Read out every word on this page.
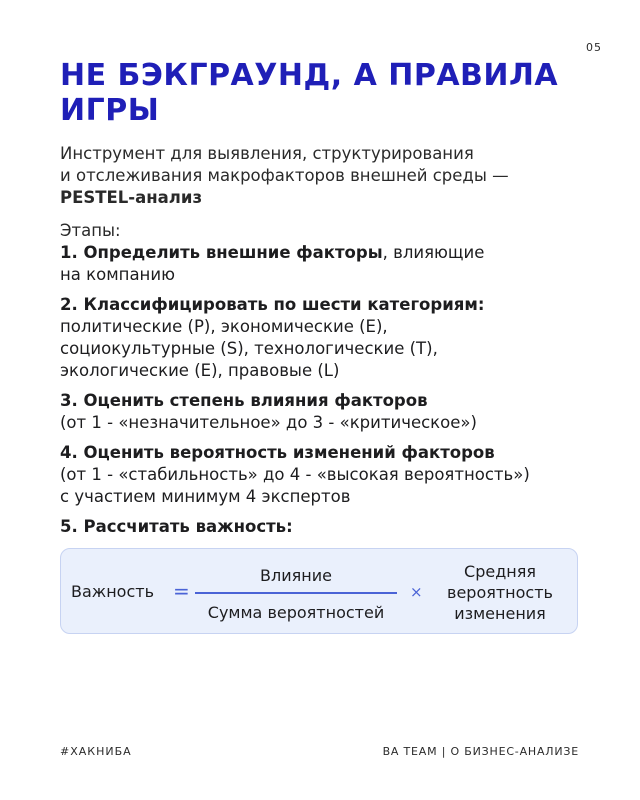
05
НЕ БЭКГРАУНД, А ПРАВИЛА ИГРЫ
Инструмент для выявления, структурирования
и отслеживания макрофакторов внешней среды —
PESTEL-анализ
Этапы:
1. Определить внешние факторы, влияющие
на компанию
2. Классифицировать по шести категориям:
политические (P), экономические (E),
социокультурные (S), технологические (T),
экологические (E), правовые (L)
3. Оценить степень влияния факторов
(от 1 - «незначительное» до 3 - «критическое»)
4. Оценить вероятность изменений факторов
(от 1 - «стабильность» до 4 - «высокая вероятность»)
с участием минимум 4 экспертов
5. Рассчитать важность:
Важность =
Влияние
Сумма вероятностей
×
Средняя
вероятность
изменения
#ХАКНИБА	BA TEAM | О БИЗНЕС-АНАЛИЗЕ
